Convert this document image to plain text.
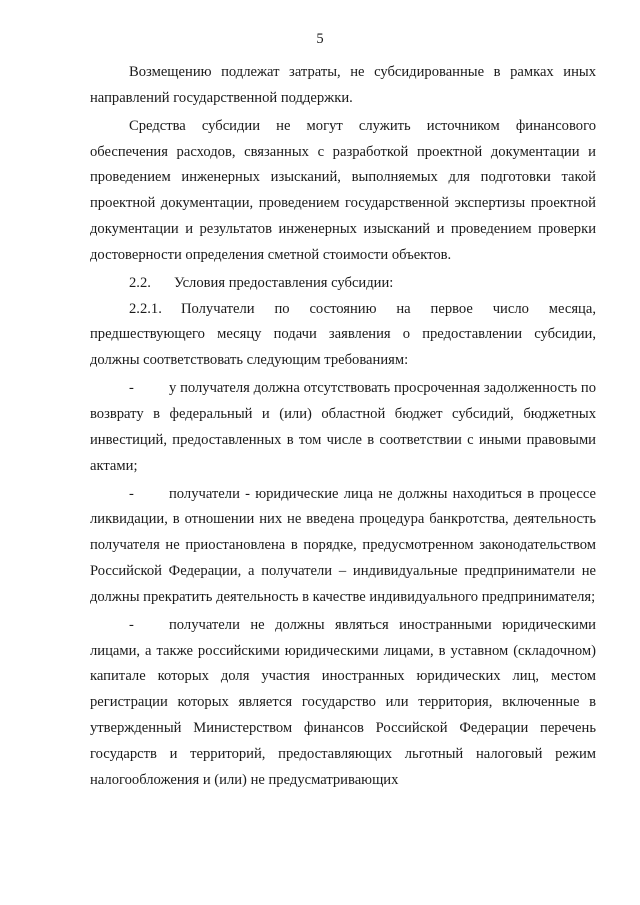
5

Возмещению подлежат затраты, не субсидированные в рамках иных направлений государственной поддержки.

Средства субсидии не могут служить источником финансового обеспечения расходов, связанных с разработкой проектной документации и проведением инженерных изысканий, выполняемых для подготовки такой проектной документации, проведением государственной экспертизы проектной документации и результатов инженерных изысканий и проведением проверки достоверности определения сметной стоимости объектов.

2.2. Условия предоставления субсидии:

2.2.1. Получатели по состоянию на первое число месяца, предшествующего месяцу подачи заявления о предоставлении субсидии, должны соответствовать следующим требованиям:

- у получателя должна отсутствовать просроченная задолженность по возврату в федеральный и (или) областной бюджет субсидий, бюджетных инвестиций, предоставленных в том числе в соответствии с иными правовыми актами;

- получатели - юридические лица не должны находиться в процессе ликвидации, в отношении них не введена процедура банкротства, деятельность получателя не приостановлена в порядке, предусмотренном законодательством Российской Федерации, а получатели – индивидуальные предприниматели не должны прекратить деятельность в качестве индивидуального предпринимателя;

- получатели не должны являться иностранными юридическими лицами, а также российскими юридическими лицами, в уставном (складочном) капитале которых доля участия иностранных юридических лиц, местом регистрации которых является государство или территория, включенные в утвержденный Министерством финансов Российской Федерации перечень государств и территорий, предоставляющих льготный налоговый режим налогообложения и (или) не предусматривающих
